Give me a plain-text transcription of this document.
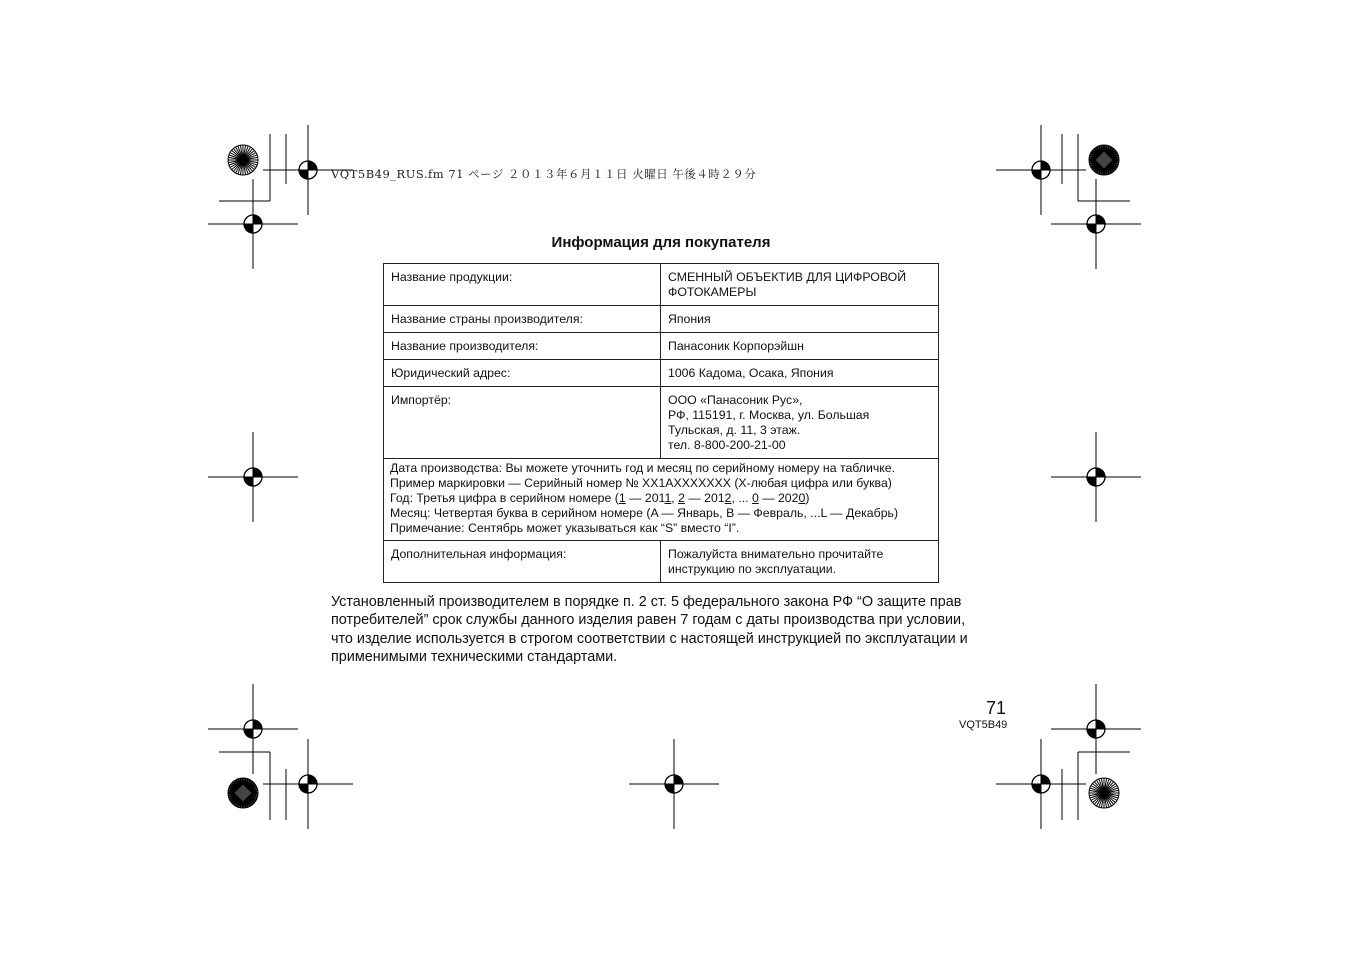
VQT5B49_RUS.fm 71 ページ ２０１３年６月１１日 火曜日 午後４時２９分
Информация для покупателя
Название продукции:	СМЕННЫЙ ОБЪЕКТИВ ДЛЯ ЦИФРОВОЙ
ФОТОКАМЕРЫ

Название страны производителя:	Япония

Название производителя:	Панасоник Корпорэйшн

Юридический адрес:	1006 Кадома, Осака, Япония

Импортёр:	ООО «Панасоник Рус»,
РФ, 115191, г. Москва, ул. Большая
Тульская, д. 11, 3 этаж.
тел. 8-800-200-21-00

Дата производства: Вы можете уточнить год и месяц по серийному номеру на табличке.
Пример маркировки — Серийный номер № XX1AXXXXXXX (X-любая цифра или буква)
Год: Третья цифра в серийном номере (1 — 2011, 2 — 2012, ... 0 — 2020)
Месяц: Четвертая буква в серийном номере (A — Январь, B — Февраль, ...L — Декабрь)
Примечание: Сентябрь может указываться как “S” вместо “I”.	

Дополнительная информация:	Пожалуйста внимательно прочитайте
инструкцию по эксплуатации.
Установленный производителем в порядке п. 2 ст. 5 федерального закона РФ “О защите прав
потребителей” срок службы данного изделия равен 7 годам с даты производства при условии,
что изделие используется в строгом соответствии с настоящей инструкцией по эксплуатации и
применимыми техническими стандартами.
71
VQT5B49
